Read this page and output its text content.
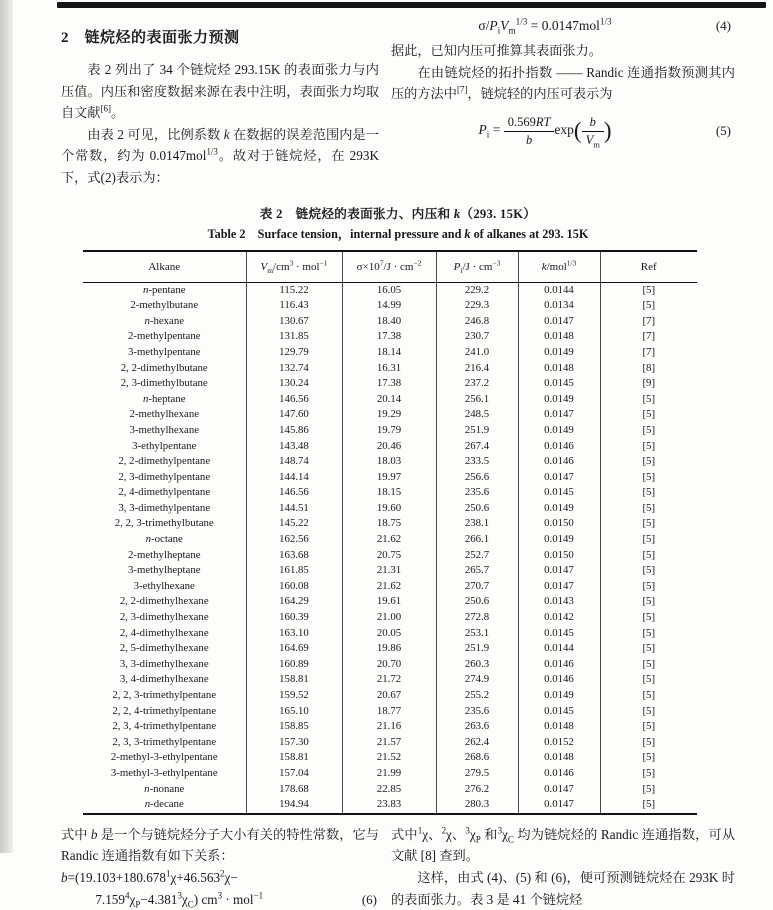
2　链烷烃的表面张力预测

表 2 列出了 34 个链烷烃 293.15K 的表面张力与内压值。内压和密度数据来源在表中注明，表面张力均取自文献[6]。

由表 2 可见，比例系数 k 在数据的误差范围内是一个常数，约为 0.0147mol$^{1/3}$。故对于链烷烃，在 293K 下，式(2)表示为：

$\sigma/P_iV_m^{1/3} = 0.0147mol^{1/3}$	(4)

据此，已知内压可推算其表面张力。

在由链烷烃的拓扑指数 —— Randic 连通指数预测其内压的方法中[7]，链烷轻的内压可表示为

$P_i = \frac{0.569RT}{b} \exp( \frac{b}{V_m}$ )	(5)
表 2　链烷烃的表面张力、内压和 k（293. 15K）
Table 2　Surface tension，internal pressure and k of alkanes at 293. 15K
Alkane	$V_m/cm^3 \cdot mol^{-1}$	$\sigma\times 10^7/J \cdot cm^{-2}$	$P_i/J \cdot cm^{-3}$	k/mol$^{1/3}$	Ref
n-pentane	115.22	16.05	229.2	0.0144	[5]
2-methylbutane	116.43	14.99	229.3	0.0134	[5]
n-hexane	130.67	18.40	246.8	0.0147	[7]
2-methylpentane	131.85	17.38	230.7	0.0148	[7]
3-methylpentane	129.79	18.14	241.0	0.0149	[7]
2, 2-dimethylbutane	132.74	16.31	216.4	0.0148	[8]
2, 3-dimethylbutane	130.24	17.38	237.2	0.0145	[9]
n-heptane	146.56	20.14	256.1	0.0149	[5]
2-methylhexane	147.60	19.29	248.5	0.0147	[5]
3-methylhexane	145.86	19.79	251.9	0.0149	[5]
3-ethylpentane	143.48	20.46	267.4	0.0146	[5]
2, 2-dimethylpentane	148.74	18.03	233.5	0.0146	[5]
2, 3-dimethylpentane	144.14	19.97	256.6	0.0147	[5]
2, 4-dimethylpentane	146.56	18.15	235.6	0.0145	[5]
3, 3-dimethylpentane	144.51	19.60	250.6	0.0149	[5]
2, 2, 3-trimethylbutane	145.22	18.75	238.1	0.0150	[5]
n-octane	162.56	21.62	266.1	0.0149	[5]
2-methylheptane	163.68	20.75	252.7	0.0150	[5]
3-methylheptane	161.85	21.31	265.7	0.0147	[5]
3-ethylhexane	160.08	21.62	270.7	0.0147	[5]
2, 2-dimethylhexane	164.29	19.61	250.6	0.0143	[5]
2, 3-dimethylhexane	160.39	21.00	272.8	0.0142	[5]
2, 4-dimethylhexane	163.10	20.05	253.1	0.0145	[5]
2, 5-dimethylhexane	164.69	19.86	251.9	0.0144	[5]
3, 3-dimethylhexane	160.89	20.70	260.3	0.0146	[5]
3, 4-dimethylhexane	158.81	21.72	274.9	0.0146	[5]
2, 2, 3-trimethylpentane	159.52	20.67	255.2	0.0149	[5]
2, 2, 4-trimethylpentane	165.10	18.77	235.6	0.0145	[5]
2, 3, 4-trimethylpentane	158.85	21.16	263.6	0.0148	[5]
2, 3, 3-trimethylpentane	157.30	21.57	262.4	0.0152	[5]
2-methyl-3-ethylpentane	158.81	21.52	268.6	0.0148	[5]
3-methyl-3-ethylpentane	157.04	21.99	279.5	0.0146	[5]
n-nonane	178.68	22.85	276.2	0.0147	[5]
n-decane	194.94	23.83	280.3	0.0147	[5]

式中 b 是一个与链烷烃分子大小有关的特性常数，它与 Randic 连通指数有如下关系：

$b=(19.103+180.678^1\chi+46.563^2\chi-$
$7.159^4\chi_P-4.381^3\chi_C$) $cm^3 \cdot mol^{-1}$	(6)

式中$^1$χ、$^2$χ、$^3\chi_P$ 和$^3\chi_C$ 均为链烷烃的 Randic 连通指数，可从文献 [8] 查到。

这样，由式 (4)、(5) 和 (6)，便可预测链烷烃在 293K 时的表面张力。表 3 是 41 个链烷烃
